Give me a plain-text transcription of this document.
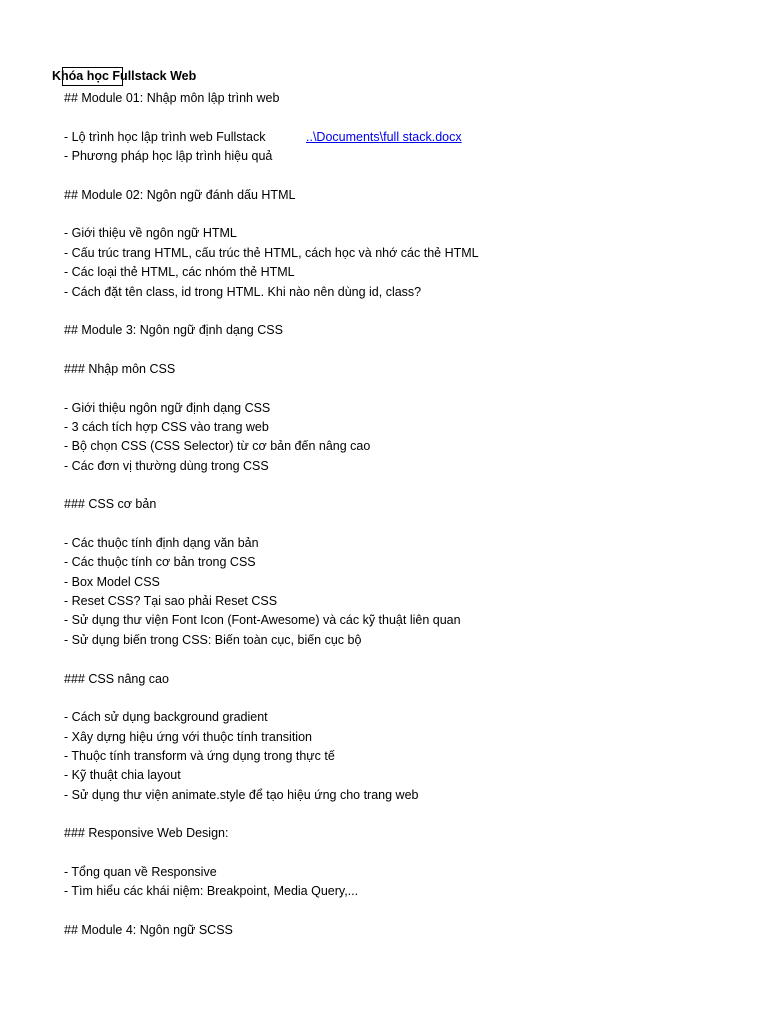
Khóa học Fullstack Web
## Module 01: Nhập môn lập trình web
- Lộ trình học lập trình web Fullstack
- Phương pháp học lập trình hiệu quả
## Module 02: Ngôn ngữ đánh dấu HTML
- Giới thiệu về ngôn ngữ HTML
- Cấu trúc trang HTML, cấu trúc thẻ HTML, cách học và nhớ các thẻ HTML
- Các loại thẻ HTML, các nhóm thẻ HTML
- Cách đặt tên class, id trong HTML. Khi nào nên dùng id, class?
## Module 3: Ngôn ngữ định dạng CSS
### Nhập môn CSS
- Giới thiệu ngôn ngữ định dạng CSS
- 3 cách tích hợp CSS vào trang web
- Bộ chọn CSS (CSS Selector) từ cơ bản đến nâng cao
- Các đơn vị thường dùng trong CSS
### CSS cơ bản
- Các thuộc tính định dạng văn bản
- Các thuộc tính cơ bản trong CSS
- Box Model CSS
- Reset CSS? Tại sao phải Reset CSS
- Sử dụng thư viện Font Icon (Font-Awesome) và các kỹ thuật liên quan
- Sử dụng biến trong CSS: Biến toàn cục, biến cục bộ
### CSS nâng cao
- Cách sử dụng background gradient
- Xây dựng hiệu ứng với thuộc tính transition
- Thuộc tính transform và ứng dụng trong thực tế
- Kỹ thuật chia layout
- Sử dụng thư viện animate.style để tạo hiệu ứng cho trang web
### Responsive Web Design:
- Tổng quan về Responsive
- Tìm hiểu các khái niệm: Breakpoint, Media Query,...
## Module 4: Ngôn ngữ SCSS
..\Documents\full stack.docx
